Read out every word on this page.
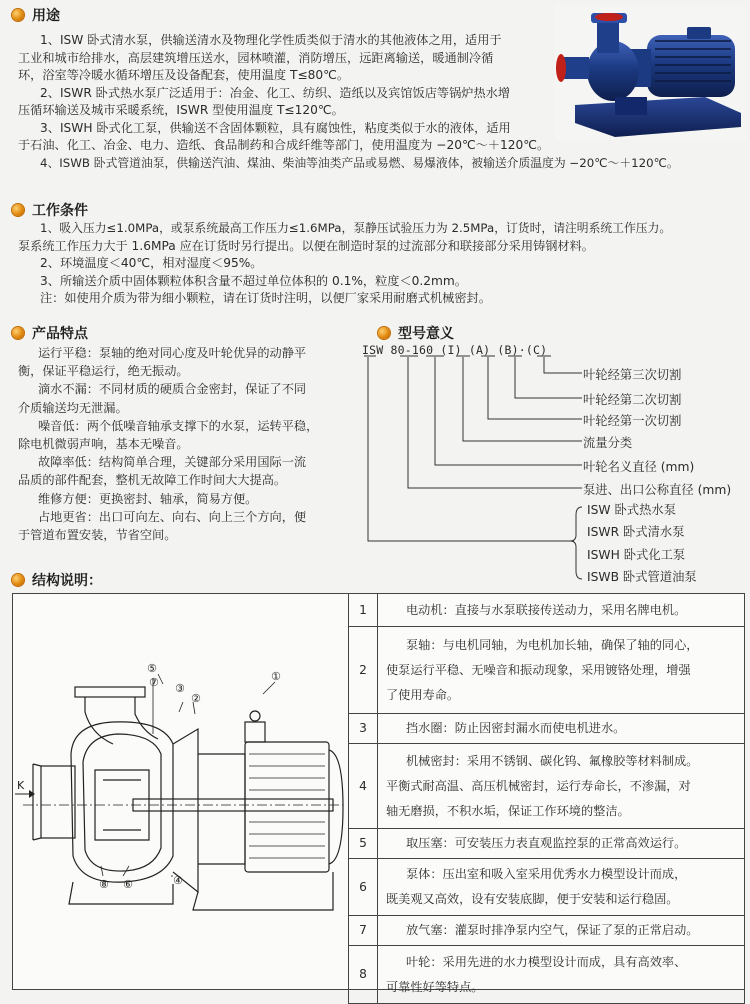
用途
1、ISW 卧式清水泵，供输送清水及物理化学性质类似于清水的其他液体之用，适用于
工业和城市给排水，高层建筑增压送水，园林喷灌，消防增压，远距离输送，暖通制冷循
环，浴室等冷暖水循环增压及设备配套，使用温度 T≤80℃。
2、ISWR 卧式热水泵广泛适用于：冶金、化工、纺织、造纸以及宾馆饭店等锅炉热水增
压循环输送及城市采暖系统，ISWR 型使用温度 T≤120℃。
3、ISWH 卧式化工泵，供输送不含固体颗粒，具有腐蚀性，粘度类似于水的液体，适用
于石油、化工、冶金、电力、造纸、食品制药和合成纤维等部门，使用温度为 −20℃～＋120℃。
4、ISWB 卧式管道油泵，供输送汽油、煤油、柴油等油类产品或易燃、易爆液体，被输送介质温度为 −20℃～＋120℃。
工作条件
1、吸入压力≤1.0MPa，或泵系统最高工作压力≤1.6MPa，泵静压试验压力为 2.5MPa，订货时，请注明系统工作压力。
泵系统工作压力大于 1.6MPa 应在订货时另行提出。以便在制造时泵的过流部分和联接部分采用铸钢材料。
2、环境温度＜40℃，相对湿度＜95%。
3、所输送介质中固体颗粒体积含量不超过单位体积的 0.1%，粒度＜0.2mm。
注：如使用介质为带为细小颗粒，请在订货时注明，以便厂家采用耐磨式机械密封。
产品特点

运行平稳：泵轴的绝对同心度及叶轮优异的动静平

衡，保证平稳运行，绝无振动。

滴水不漏：不同材质的硬质合金密封，保证了不同

介质输送均无泄漏。

噪音低：两个低噪音轴承支撑下的水泵，运转平稳，

除电机微弱声响，基本无噪音。

故障率低：结构简单合理，关键部分采用国际一流

品质的部件配套，整机无故障工作时间大大提高。

维修方便：更换密封、轴承，简易方便。

占地更省：出口可向左、向右、向上三个方向，便

于管道布置安装，节省空间。

型号意义
ISW 80-160 (I) (A) (B)·(C)
叶轮经第三次切割
叶轮经第二次切割
叶轮经第一次切割
流量分类
叶轮名义直径 (mm)
泵进、出口公称直径 (mm)
ISW 卧式热水泵
ISWR 卧式清水泵
ISWH 卧式化工泵
ISWB 卧式管道油泵
结构说明：
K
①
②
③
④
⑤
⑥
⑦
⑧
1	电动机：直接与水泵联接传送动力，采用名牌电机。

2	泵轴：与电机同轴，为电机加长轴，确保了轴的同心，
使泵运行平稳、无噪音和振动现象，采用镀铬处理，增强
了使用寿命。

3	挡水圈：防止因密封漏水而使电机进水。

4	机械密封：采用不锈钢、碳化钨、氟橡胶等材料制成。
平衡式耐高温、高压机械密封，运行寿命长，不渗漏，对
轴无磨损，不积水垢，保证工作环境的整洁。

5	取压塞：可安装压力表直观监控泵的正常高效运行。

6	泵体：压出室和吸入室采用优秀水力模型设计而成，
既美观又高效，设有安装底脚，便于安装和运行稳固。

7	放气塞：灌泵时排净泵内空气，保证了泵的正常启动。

8	叶轮：采用先进的水力模型设计而成，具有高效率、
可靠性好等特点。
